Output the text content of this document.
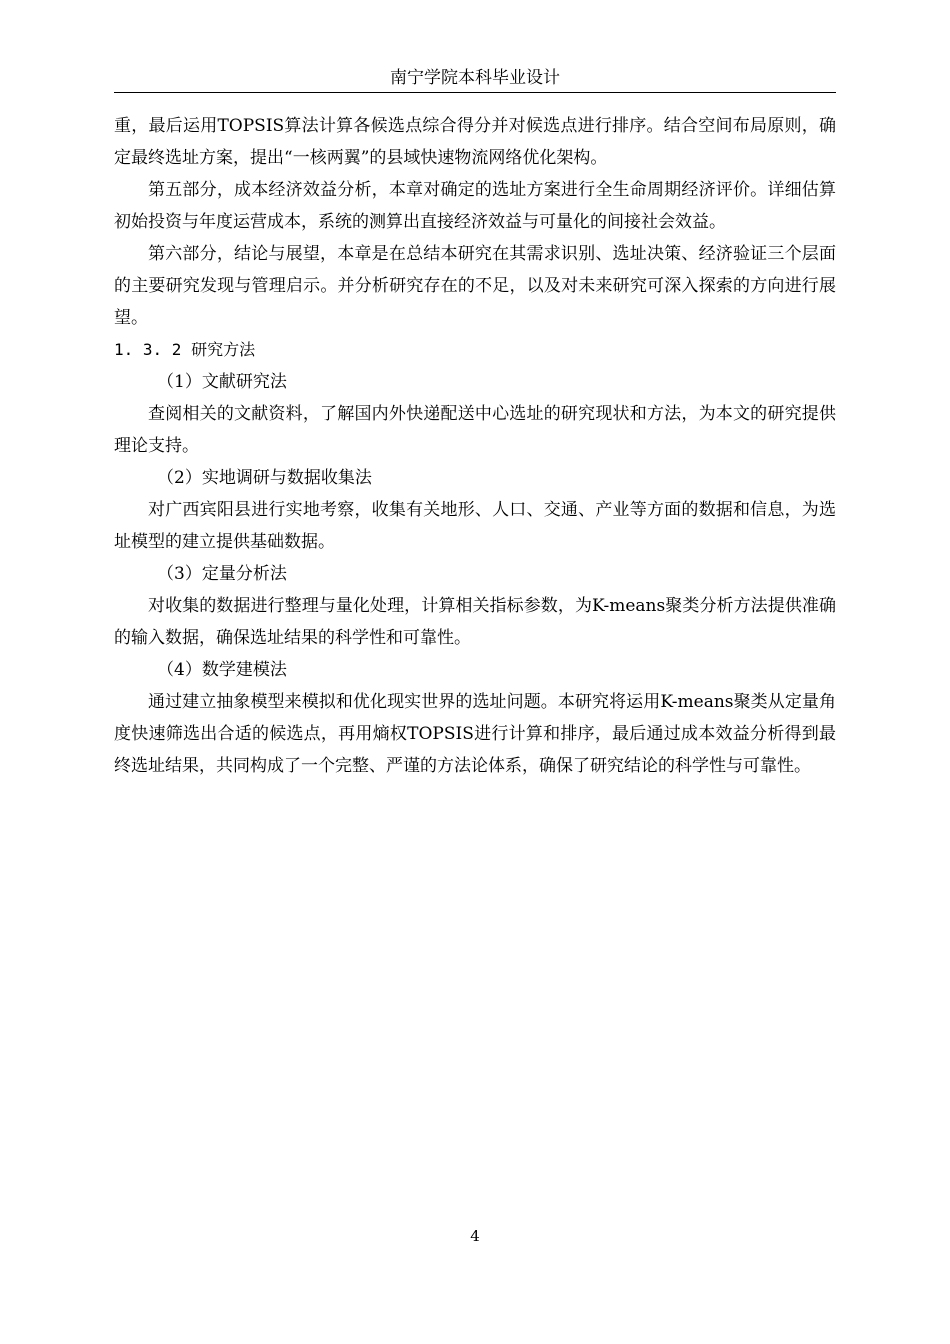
南宁学院本科毕业设计

重，最后运用TOPSIS算法计算各候选点综合得分并对候选点进行排序。结合空间布局原则，确定最终选址方案，提出“一核两翼”的县域快速物流网络优化架构。

第五部分，成本经济效益分析，本章对确定的选址方案进行全生命周期经济评价。详细估算初始投资与年度运营成本，系统的测算出直接经济效益与可量化的间接社会效益。

第六部分，结论与展望，本章是在总结本研究在其需求识别、选址决策、经济验证三个层面的主要研究发现与管理启示。并分析研究存在的不足，以及对未来研究可深入探索的方向进行展望。

1. 3. 2 研究方法

（1）文献研究法

查阅相关的文献资料，了解国内外快递配送中心选址的研究现状和方法，为本文的研究提供理论支持。

（2）实地调研与数据收集法

对广西宾阳县进行实地考察，收集有关地形、人口、交通、产业等方面的数据和信息，为选址模型的建立提供基础数据。

（3）定量分析法

对收集的数据进行整理与量化处理，计算相关指标参数，为K-means聚类分析方法提供准确的输入数据，确保选址结果的科学性和可靠性。

（4）数学建模法

通过建立抽象模型来模拟和优化现实世界的选址问题。本研究将运用K-means聚类从定量角度快速筛选出合适的候选点，再用熵权TOPSIS进行计算和排序，最后通过成本效益分析得到最终选址结果，共同构成了一个完整、严谨的方法论体系，确保了研究结论的科学性与可靠性。

4
